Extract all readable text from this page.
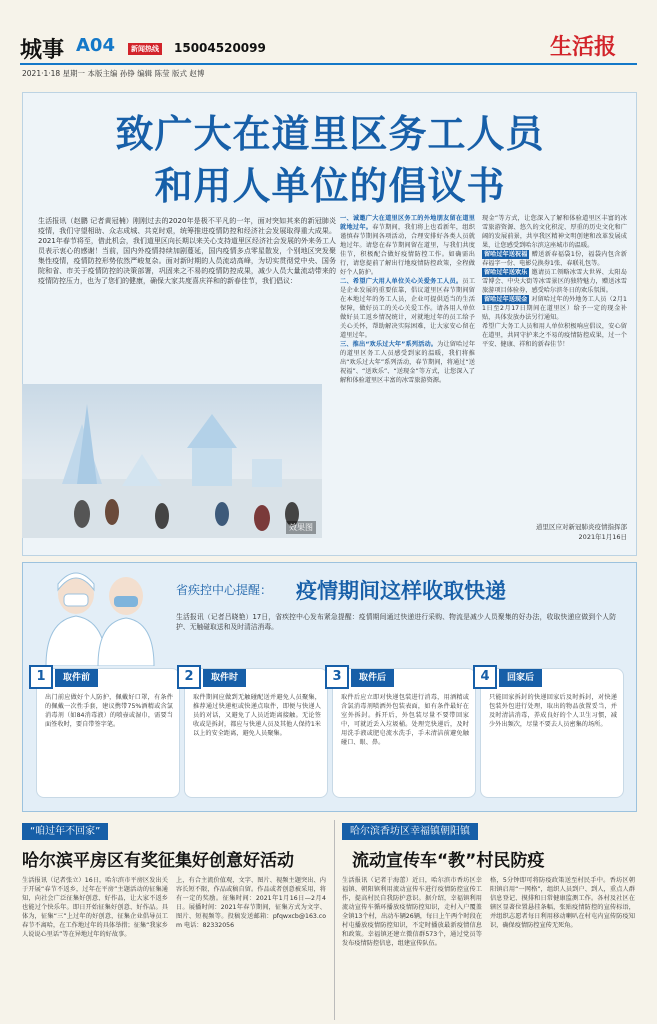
城事 A04	新闻热线 15004520099	生活报
2021·1·18 星期一 本版主编 孙铮 编辑 陈莹 版式 赵博
致广大在道里区务工人员
和用人单位的倡议书
生活报讯（赵鹏 记者黄冠楠）刚刚过去的2020年是极不平凡的一年，面对突如其来的新冠肺炎疫情，我们守望相助、众志成城、共克时艰，统筹推进疫情防控和经济社会发展取得重大成果。2021年春节将至，借此机会，我们道里区向长期以来关心支持道里区经济社会发展的外来务工人员表示衷心的感谢！当前，国内外疫情持续加剧蔓延，国内疫情多点零星散发，个别地区突发聚集性疫情，疫情防控形势依然严峻复杂。面对新时期的人员流动高峰，为切实贯彻党中央、国务院和省、市关于疫情防控的决策部署，巩固来之不易的疫情防控成果，减少人员大量流动带来的疫情防控压力，也为了您们的健康，确保大家共度喜庆祥和的新春佳节，我们倡议：
效果图
一、诚邀广大在道里区务工的外地朋友留在道里就地过年。春节期间，我们将上也看新年，组织谨慎春节期间各项活动，合理安排好各类人员就地过年。请您在春节期间留在道里，与我们共度佳节，积极配合做好疫情防控工作。如确需出行，请您提前了解出行地疫情防控政策，全程做好个人防护。
二、希望广大用人单位关心关爱务工人员。员工是企业发展的重要依靠，倡议道里区春节期间留在本地过年的务工人员，企业可提供适当的生活保障，做好员工的关心关爱工作。请各用人单位做好员工返乡情况统计，对就地过年的员工给予关心关怀，帮助解决实际困难，让大家安心留在道里过年。
三、推出“欢乐过大年”系列活动。为让留哈过年的道里区务工人员感受到家的温暖，我们将推出“欢乐过大年”系列活动，春节期间，将通过“送祝福”、“送欢乐”、“送现金”等方式，让您深入了解和体验道里区丰富的冰雪旅游资源。
现金”等方式，让您深入了解和体验道里区丰富的冰雪旅游资源、悠久的文化积淀、厚重的历史文化和广阔的发展前景，共享我区精神文明创建和改革发展成果，让您感受到哈尔滨这座城市的温暖。
留哈过年送祝福 赠送新春福袋1份，福袋内包含新春福字一份、电影兑换券1张、春联礼包等。
留哈过年送欢乐 邀请员工领略冰雪大世界、太阳岛雪博会、中央大街等冰雪景区的独特魅力，赠送冰雪旅游项目体验券，感受哈尔滨冬日的欢乐氛围。
留哈过年送现金 对留哈过年的外地务工人员（2月11日至2月17日期间在道里区）给予一定的现金补贴，具体发放办法另行通知。
希望广大务工人员和用人单位积极响应倡议，安心留在道里，共同守护来之不易的疫情防控成果，过一个平安、健康、祥和的新春佳节！
道里区应对新冠肺炎疫情指挥部
2021年1月16日
省疾控中心提醒： 疫情期间这样收取快递
生活报讯（记者吕晓艳）17日，省疾控中心发布紧急提醒：疫情期间通过快递进行采购、物流是减少人员聚集的好办法，收取快递应做到个人防护、无触碰取送和及时清洁消毒。
1	取件前
出门前应做好个人防护，佩戴好口罩，有条件的佩戴一次性手套，建议携带75%酒精或含氯消毒剂（如84消毒液）的喷壶或湿巾，需要当面签收时，要自带签字笔。
2	取件时
取件期间应做到无触碰配送并避免人员聚集，推荐通过快递柜或快递点取件，即便与快递人员的对话，又避免了人员近距离接触。无论签收或是拆封，都应与快递人员及其他人保持1米以上的安全距离，避免人员聚集。
3	取件后
取件后应立即对快递包装进行消毒，用酒精或含氯消毒剂喷洒外包装表面，如有条件最好在室外拆封。拆开后，外包装尽量不要带回家中，可就近丢入垃圾桶。处理完快递后，及时用洗手液或肥皂流水洗手，手未清洁前避免触碰口、眼、鼻。
4	回家后
只能回家拆封的快递回家后及时拆封，对快递包装外包进行处理，取出的物品放置妥当，并及时清洁消毒，养成良好的个人卫生习惯，减少外出频次，尽量不要去人员密集的场所。
“咱过年不回家”
哈尔滨平房区有奖征集好创意好活动
生活报讯（记者张立）16日，哈尔滨市平房区发出关于开展“春节不返乡，过年在平房”主题活动的征集通知，向社会广泛征集好创意、好作品，让大家不返乡也能过个快乐年。即日开始征集好创意、好作品。具体为，征集“三”上过年的好创意，征集企业倡导员工春节不离哈，在工作地过年的具体举措；征集“我家乡人说说心里话”等在异地过年的好故事。
上，有合主流价值观，文字、图片、视频主题突出、内容长短不限，作品或稿自留。作品或者创意被采用，将有一定的奖励。征集时间：2021年1月16日—2月4日。展播时间：2021年春节期间，征集方式为文字、图片、短视频等。投稿发送邮箱：pfqwxcb@163.com 电话：82332056
哈尔滨香坊区幸福镇朝阳镇
流动宣传车“教”村民防疫
生活报讯（记者于海蕾）近日，哈尔滨市香坊区幸福镇、朝阳镇利用流动宣传车进行疫情防控宣传工作，提高村民自我防护意识。据介绍，幸福镇利用流动宣传车循环播放疫情防控知识，走村入户覆盖全镇13个村，出动车辆26辆，每日上午两个时段在村屯播放疫情防控知识，不定时播放最新疫情信息和政策。幸福镇还建立微信群573个，通过党员等发布疫情防控信息，组建宣传队伍。
格，5分钟即可将防疫政策送至村民手中。香坊区朝阳镇启用“一网格”，组织人员到户、到人，重点人群信息登记、摸排和日常健康监测工作。各村及社区在辖区显著位置悬挂条幅，张贴疫情防控的宣传标语，并组织志愿者每日利用移动喇叭在村屯内宣传防疫知识，确保疫情防控宣传无死角。
